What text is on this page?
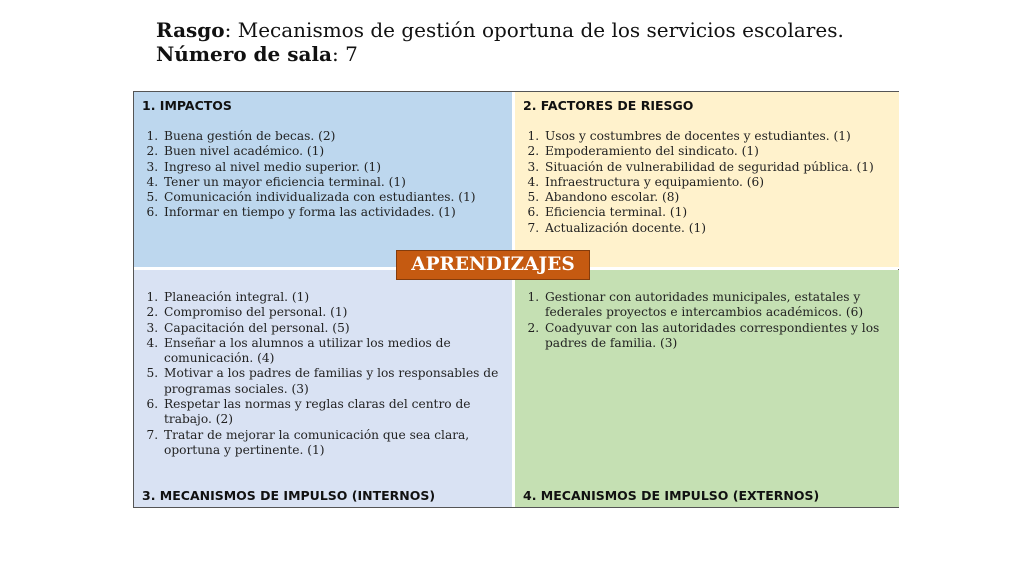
Rasgo: Mecanismos de gestión oportuna de los servicios escolares.
Número de sala: 7
1. IMPACTOS
1. Buena gestión de becas. (2)
2. Buen nivel académico. (1)
3. Ingreso al nivel medio superior. (1)
4. Tener un mayor eficiencia terminal. (1)
5. Comunicación individualizada con estudiantes. (1)
6. Informar en tiempo y forma las actividades. (1)
2. FACTORES DE RIESGO
1. Usos y costumbres de docentes y estudiantes. (1)
2. Empoderamiento del sindicato. (1)
3. Situación de vulnerabilidad de seguridad pública. (1)
4. Infraestructura y equipamiento. (6)
5. Abandono escolar. (8)
6. Eficiencia terminal. (1)
7. Actualización docente. (1)
1. Planeación integral. (1)
2. Compromiso del personal. (1)
3. Capacitación del personal. (5)
4. Enseñar a los alumnos a utilizar los medios de comunicación. (4)
5. Motivar a los padres de familias y los responsables de programas sociales. (3)
6. Respetar las normas y reglas claras del centro de trabajo. (2)
7. Tratar de mejorar la comunicación que sea clara, oportuna y pertinente. (1)
3. MECANISMOS DE IMPULSO (INTERNOS)
1. Gestionar con autoridades municipales, estatales y federales proyectos e intercambios académicos. (6)
2. Coadyuvar con las autoridades correspondientes y los padres de familia. (3)
4. MECANISMOS DE IMPULSO (EXTERNOS)
APRENDIZAJES
